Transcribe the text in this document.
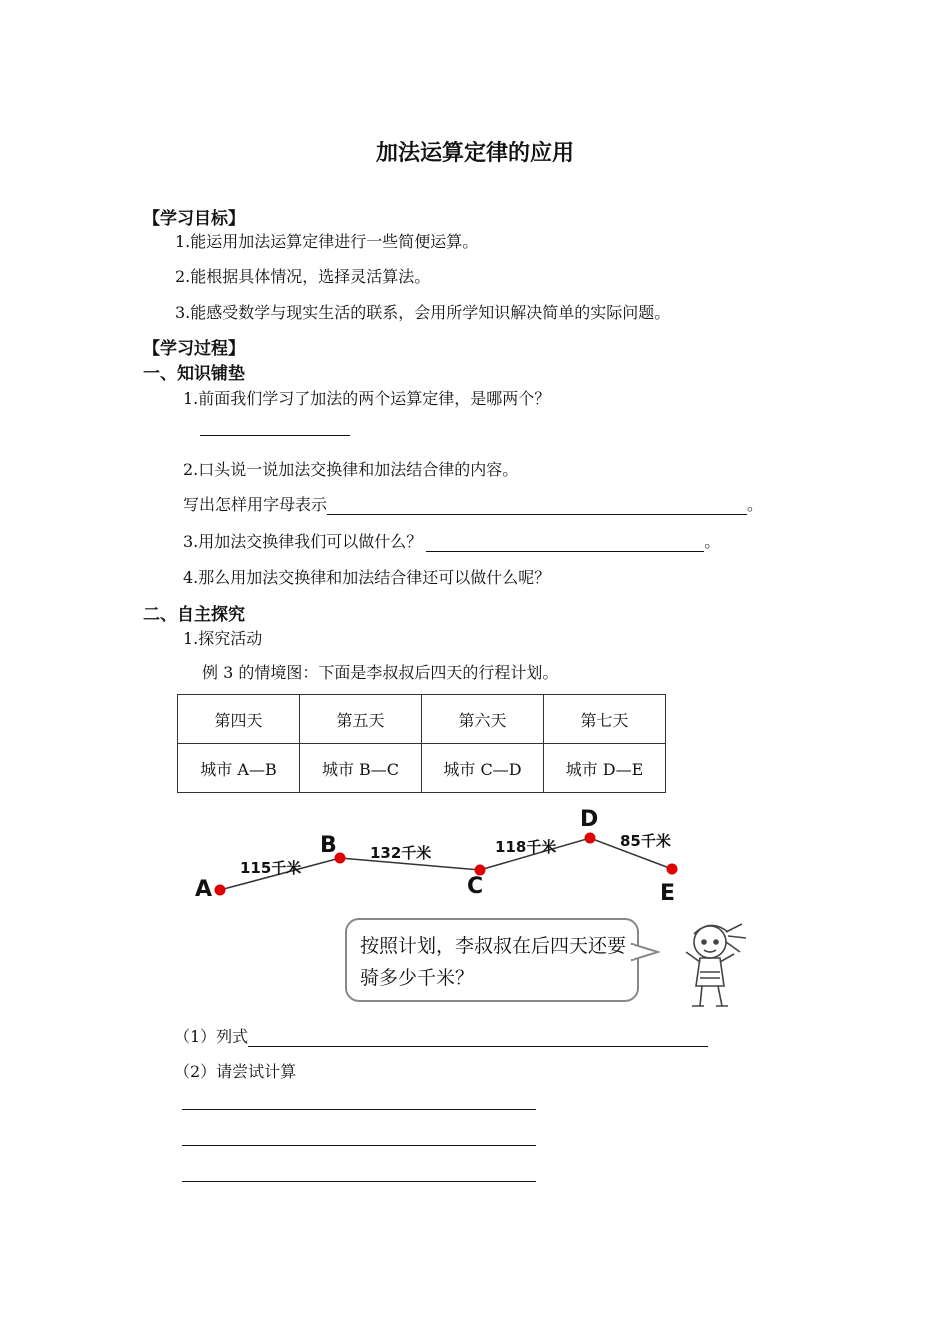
加法运算定律的应用
【学习目标】
1.能运用加法运算定律进行一些简便运算。
2.能根据具体情况，选择灵活算法。
3.能感受数学与现实生活的联系，会用所学知识解决简单的实际问题。
【学习过程】
一、知识铺垫
1.前面我们学习了加法的两个运算定律，是哪两个？
2.口头说一说加法交换律和加法结合律的内容。
写出怎样用字母表示	。
3.用加法交换律我们可以做什么？	。
4.那么用加法交换律和加法结合律还可以做什么呢？
二、自主探究
1.探究活动
例 3 的情境图：下面是李叔叔后四天的行程计划。
第四天	第五天	第六天	第七天
城市 A—B	城市 B—C	城市 C—D	城市 D—E
A
B
C
D
E
115千米
132千米	118千米	85千米
按照计划，李叔叔在后四天还要骑多少千米？
（1）列式
（2）请尝试计算
